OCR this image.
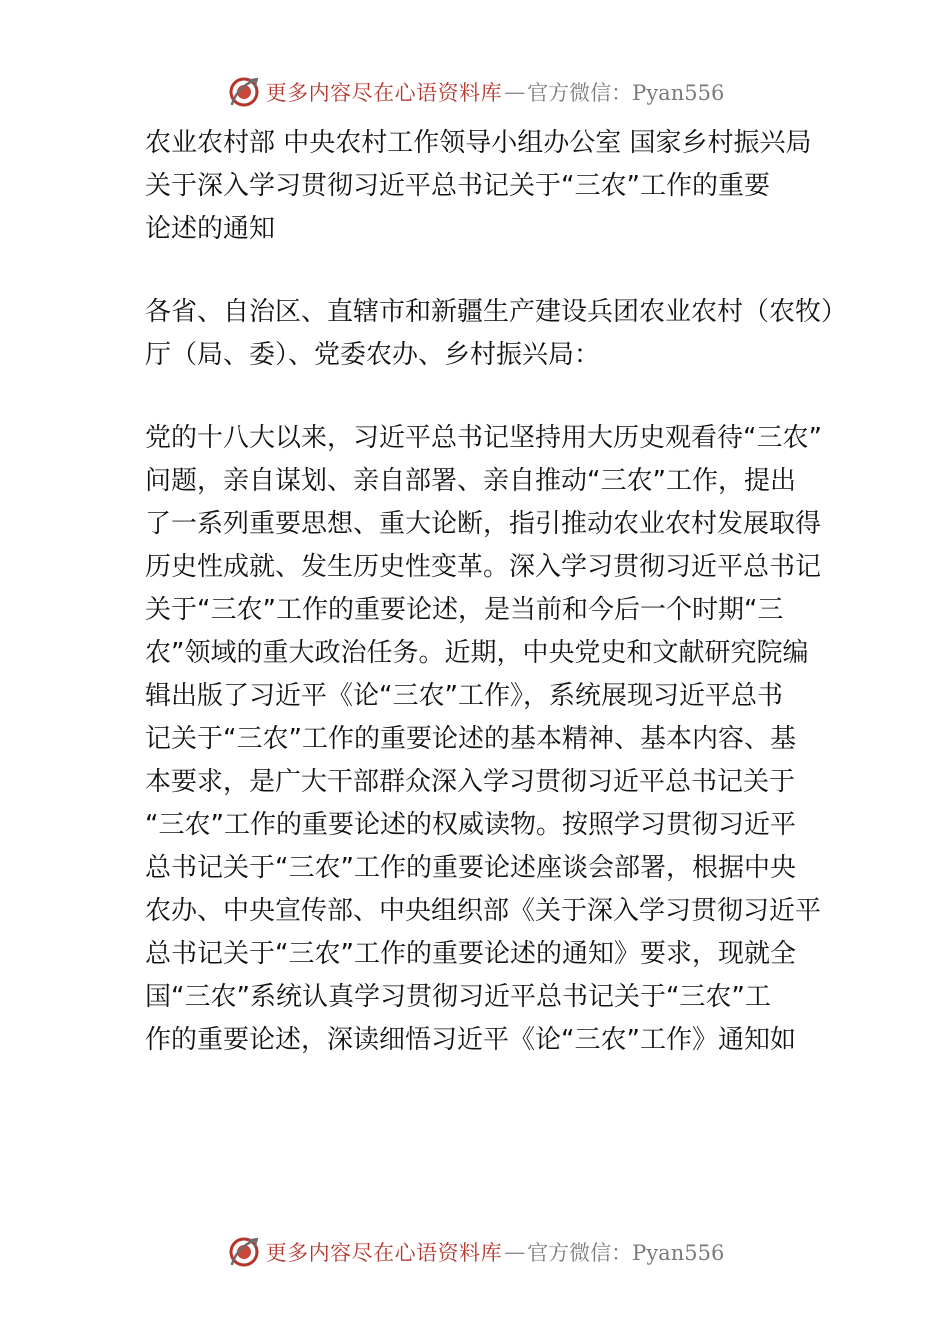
更多内容尽在心语资料库 — 官方微信：Pyan556

农业农村部 中央农村工作领导小组办公室 国家乡村振兴局

关于深入学习贯彻习近平总书记关于“三农”工作的重要

论述的通知

各省、自治区、直辖市和新疆生产建设兵团农业农村（农牧）

厅（局、委）、党委农办、乡村振兴局：

党的十八大以来，习近平总书记坚持用大历史观看待“三农”

问题，亲自谋划、亲自部署、亲自推动“三农”工作，提出

了一系列重要思想、重大论断，指引推动农业农村发展取得

历史性成就、发生历史性变革。深入学习贯彻习近平总书记

关于“三农”工作的重要论述，是当前和今后一个时期“三

农”领域的重大政治任务。近期，中央党史和文献研究院编

辑出版了习近平《论“三农”工作》，系统展现习近平总书

记关于“三农”工作的重要论述的基本精神、基本内容、基

本要求，是广大干部群众深入学习贯彻习近平总书记关于

“三农”工作的重要论述的权威读物。按照学习贯彻习近平

总书记关于“三农”工作的重要论述座谈会部署，根据中央

农办、中央宣传部、中央组织部《关于深入学习贯彻习近平

总书记关于“三农”工作的重要论述的通知》要求，现就全

国“三农”系统认真学习贯彻习近平总书记关于“三农”工

作的重要论述，深读细悟习近平《论“三农”工作》通知如

更多内容尽在心语资料库 — 官方微信：Pyan556
